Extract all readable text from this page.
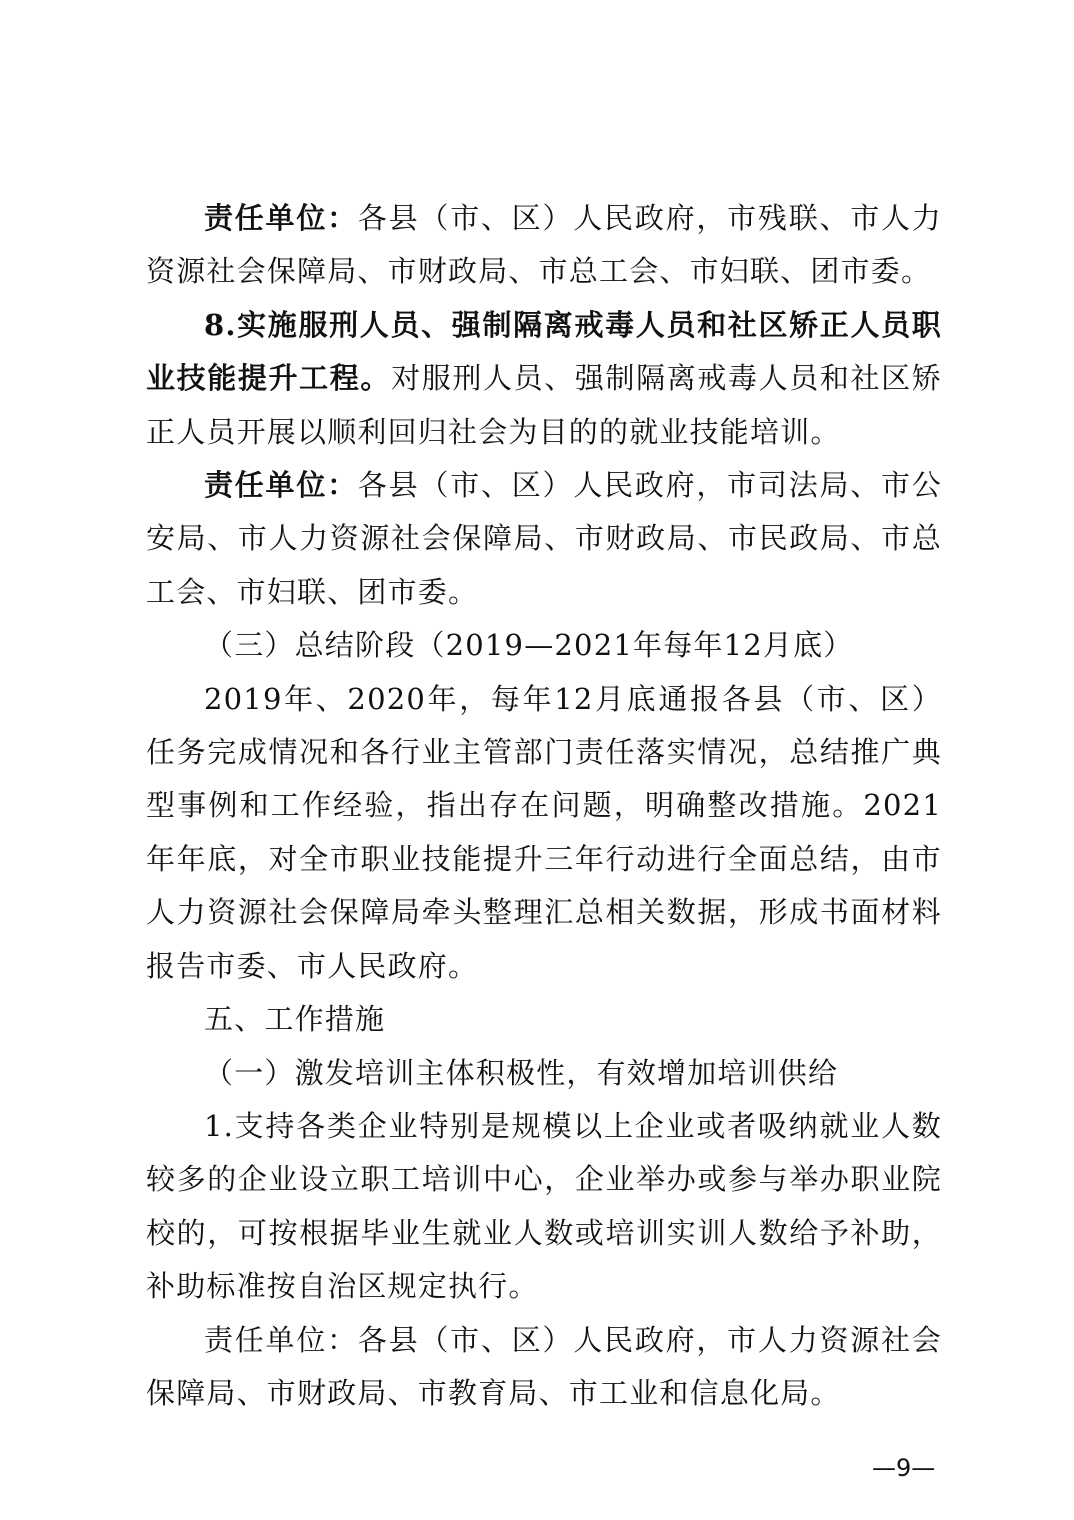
责任单位：各县（市、区）人民政府，市残联、市人力资源社会保障局、市财政局、市总工会、市妇联、团市委。

8.实施服刑人员、强制隔离戒毒人员和社区矫正人员职业技能提升工程。对服刑人员、强制隔离戒毒人员和社区矫正人员开展以顺利回归社会为目的的就业技能培训。

责任单位：各县（市、区）人民政府，市司法局、市公安局、市人力资源社会保障局、市财政局、市民政局、市总工会、市妇联、团市委。

（三）总结阶段（2019—2021年每年12月底）

2019年、2020年，每年12月底通报各县（市、区）任务完成情况和各行业主管部门责任落实情况，总结推广典型事例和工作经验，指出存在问题，明确整改措施。2021年年底，对全市职业技能提升三年行动进行全面总结，由市人力资源社会保障局牵头整理汇总相关数据，形成书面材料报告市委、市人民政府。

五、工作措施

（一）激发培训主体积极性，有效增加培训供给

1.支持各类企业特别是规模以上企业或者吸纳就业人数较多的企业设立职工培训中心，企业举办或参与举办职业院校的，可按根据毕业生就业人数或培训实训人数给予补助，补助标准按自治区规定执行。

责任单位：各县（市、区）人民政府，市人力资源社会保障局、市财政局、市教育局、市工业和信息化局。

—9—
